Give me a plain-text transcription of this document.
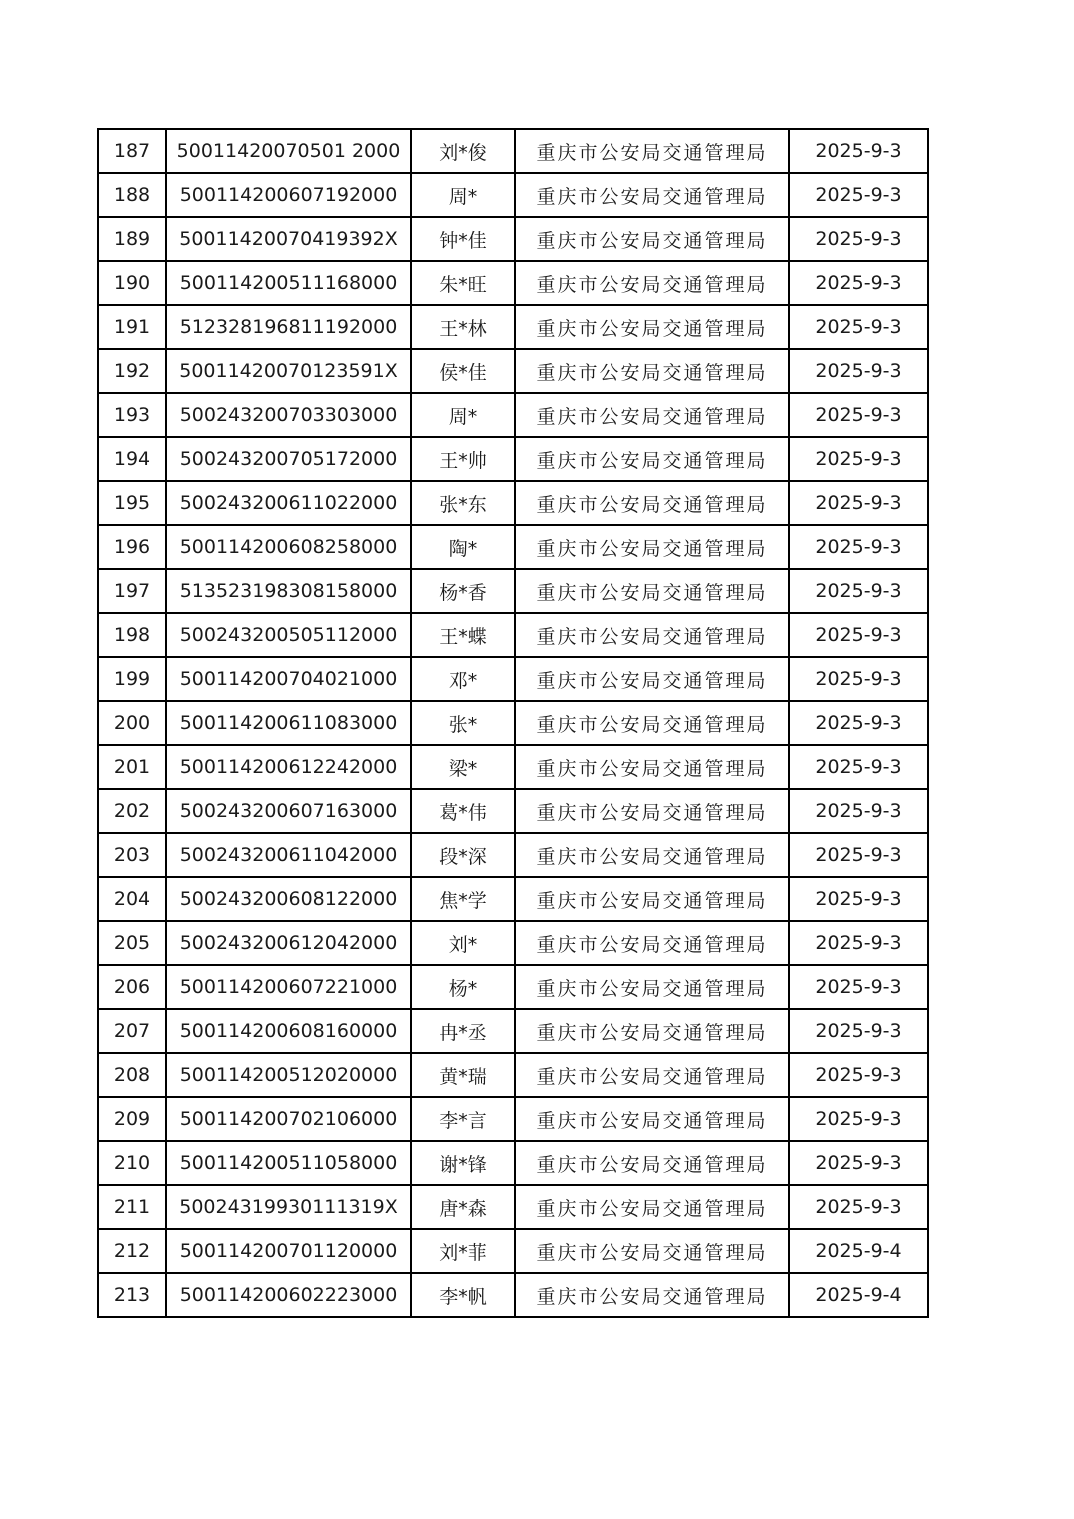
187	50011420070501 2000	刘*俊	重庆市公安局交通管理局	2025-9-3
188	500114200607192000	周*	重庆市公安局交通管理局	2025-9-3
189	50011420070419392X	钟*佳	重庆市公安局交通管理局	2025-9-3
190	500114200511168000	朱*旺	重庆市公安局交通管理局	2025-9-3
191	512328196811192000	王*林	重庆市公安局交通管理局	2025-9-3
192	50011420070123591X	侯*佳	重庆市公安局交通管理局	2025-9-3
193	500243200703303000	周*	重庆市公安局交通管理局	2025-9-3
194	500243200705172000	王*帅	重庆市公安局交通管理局	2025-9-3
195	500243200611022000	张*东	重庆市公安局交通管理局	2025-9-3
196	500114200608258000	陶*	重庆市公安局交通管理局	2025-9-3
197	513523198308158000	杨*香	重庆市公安局交通管理局	2025-9-3
198	500243200505112000	王*蝶	重庆市公安局交通管理局	2025-9-3
199	500114200704021000	邓*	重庆市公安局交通管理局	2025-9-3
200	500114200611083000	张*	重庆市公安局交通管理局	2025-9-3
201	500114200612242000	梁*	重庆市公安局交通管理局	2025-9-3
202	500243200607163000	葛*伟	重庆市公安局交通管理局	2025-9-3
203	500243200611042000	段*深	重庆市公安局交通管理局	2025-9-3
204	500243200608122000	焦*学	重庆市公安局交通管理局	2025-9-3
205	500243200612042000	刘*	重庆市公安局交通管理局	2025-9-3
206	500114200607221000	杨*	重庆市公安局交通管理局	2025-9-3
207	500114200608160000	冉*丞	重庆市公安局交通管理局	2025-9-3
208	500114200512020000	黄*瑞	重庆市公安局交通管理局	2025-9-3
209	500114200702106000	李*言	重庆市公安局交通管理局	2025-9-3
210	500114200511058000	谢*锋	重庆市公安局交通管理局	2025-9-3
211	50024319930111319X	唐*森	重庆市公安局交通管理局	2025-9-3
212	500114200701120000	刘*菲	重庆市公安局交通管理局	2025-9-4
213	500114200602223000	李*帆	重庆市公安局交通管理局	2025-9-4
